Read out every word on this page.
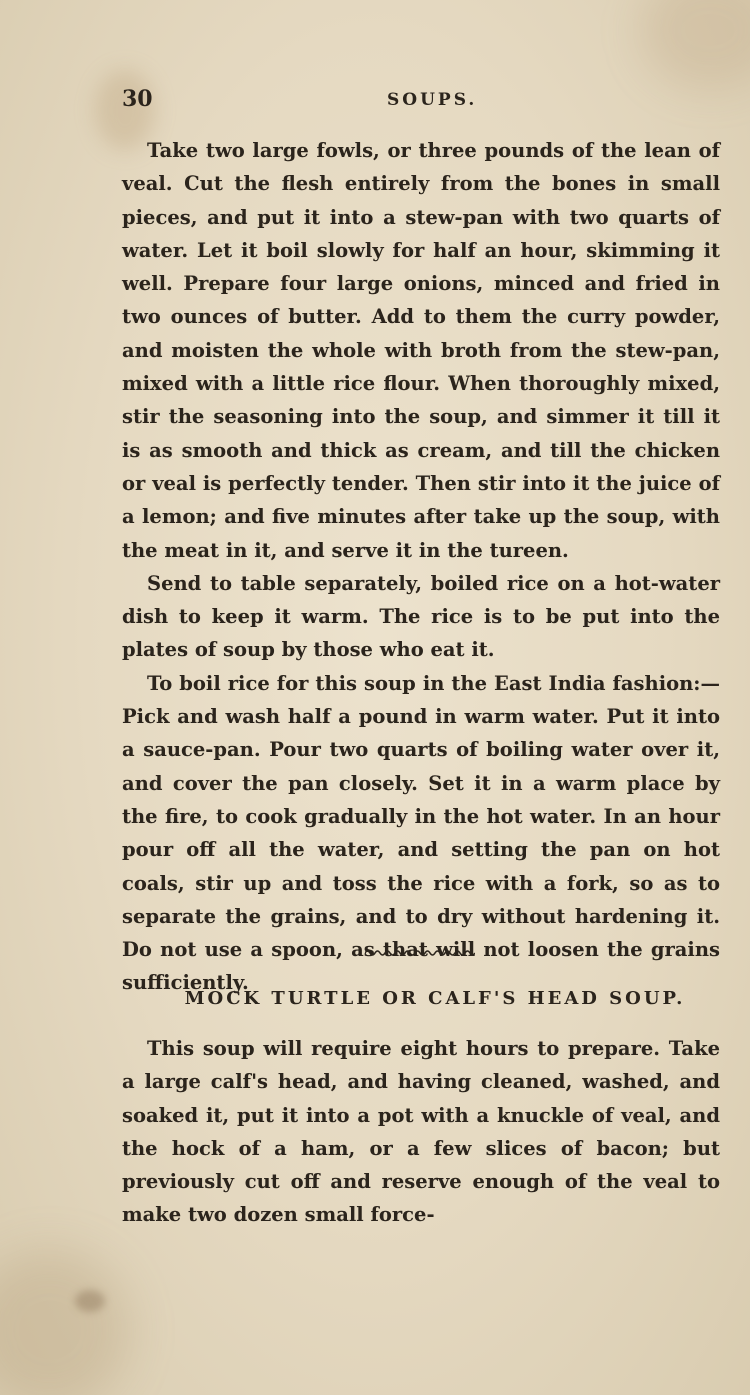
30	SOUPS.

Take two large fowls, or three pounds of the lean of veal. Cut the flesh entirely from the bones in small pieces, and put it into a stew-pan with two quarts of water. Let it boil slowly for half an hour, skimming it well. Prepare four large onions, minced and fried in two ounces of butter. Add to them the curry powder, and moisten the whole with broth from the stew-pan, mixed with a little rice flour. When thoroughly mixed, stir the seasoning into the soup, and simmer it till it is as smooth and thick as cream, and till the chicken or veal is perfectly tender. Then stir into it the juice of a lemon; and five minutes after take up the soup, with the meat in it, and serve it in the tureen.

Send to table separately, boiled rice on a hot-water dish to keep it warm. The rice is to be put into the plates of soup by those who eat it.

To boil rice for this soup in the East India fashion:—Pick and wash half a pound in warm water. Put it into a sauce-pan. Pour two quarts of boiling water over it, and cover the pan closely. Set it in a warm place by the fire, to cook gradually in the hot water. In an hour pour off all the water, and setting the pan on hot coals, stir up and toss the rice with a fork, so as to separate the grains, and to dry without hardening it. Do not use a spoon, as that will not loosen the grains sufficiently.

MOCK TURTLE OR CALF'S HEAD SOUP.

This soup will require eight hours to prepare. Take a large calf's head, and having cleaned, washed, and soaked it, put it into a pot with a knuckle of veal, and the hock of a ham, or a few slices of bacon; but previously cut off and reserve enough of the veal to make two dozen small force-
